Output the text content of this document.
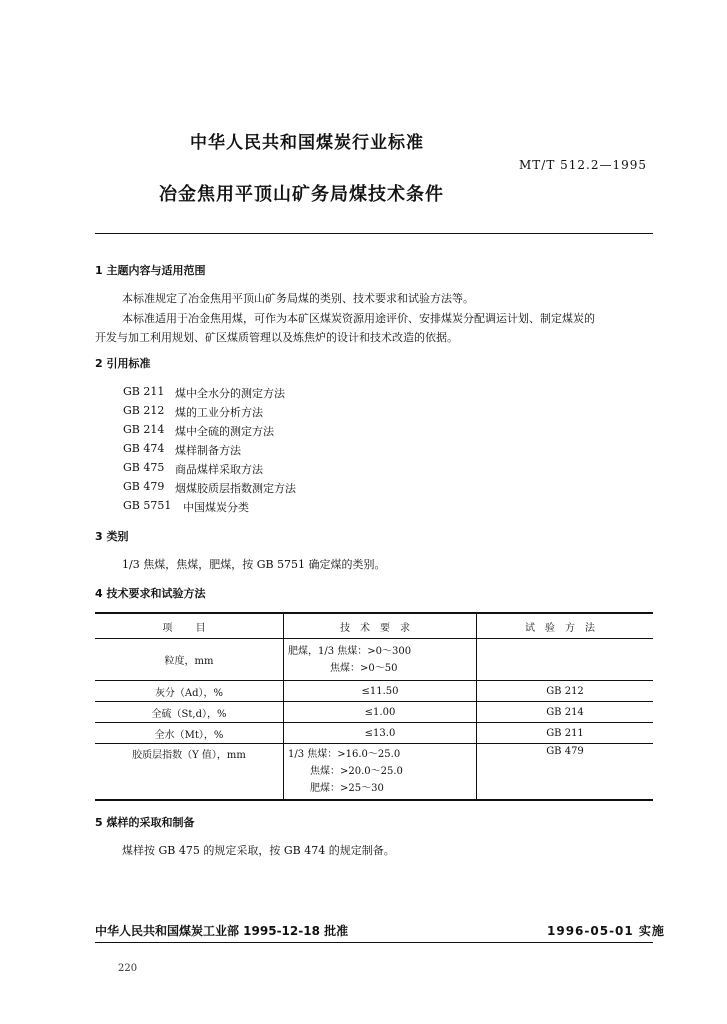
中华人民共和国煤炭行业标准
MT/T 512.2—1995
冶金焦用平顶山矿务局煤技术条件
1 主题内容与适用范围
本标准规定了冶金焦用平顶山矿务局煤的类别、技术要求和试验方法等。
本标准适用于冶金焦用煤，可作为本矿区煤炭资源用途评价、安排煤炭分配调运计划、制定煤炭的
开发与加工利用规划、矿区煤质管理以及炼焦炉的设计和技术改造的依据。
2 引用标准
GB 211 煤中全水分的测定方法
GB 212 煤的工业分析方法
GB 214 煤中全硫的测定方法
GB 474 煤样制备方法
GB 475 商品煤样采取方法
GB 479 烟煤胶质层指数测定方法
GB 5751	中国煤炭分类
3 类别
1/3 焦煤，焦煤，肥煤，按 GB 5751 确定煤的类别。
4 技术要求和试验方法
项 目	技术要求	试验方法
粒度，mm	肥煤，1/3 焦煤：>0～300
焦煤：>0～50	

灰分（Ad），%	≤11.50	GB 212
全硫（St,d），%	≤1.00	GB 214
全水（Mt），%	≤13.0	GB 211
胶质层指数（Y 值），mm	1/3 焦煤：>16.0～25.0
焦煤：>20.0～25.0
肥煤：>25～30	GB 479
5 煤样的采取和制备
煤样按 GB 475 的规定采取，按 GB 474 的规定制备。
中华人民共和国煤炭工业部 1995-12-18 批准	1996-05-01 实施
220
